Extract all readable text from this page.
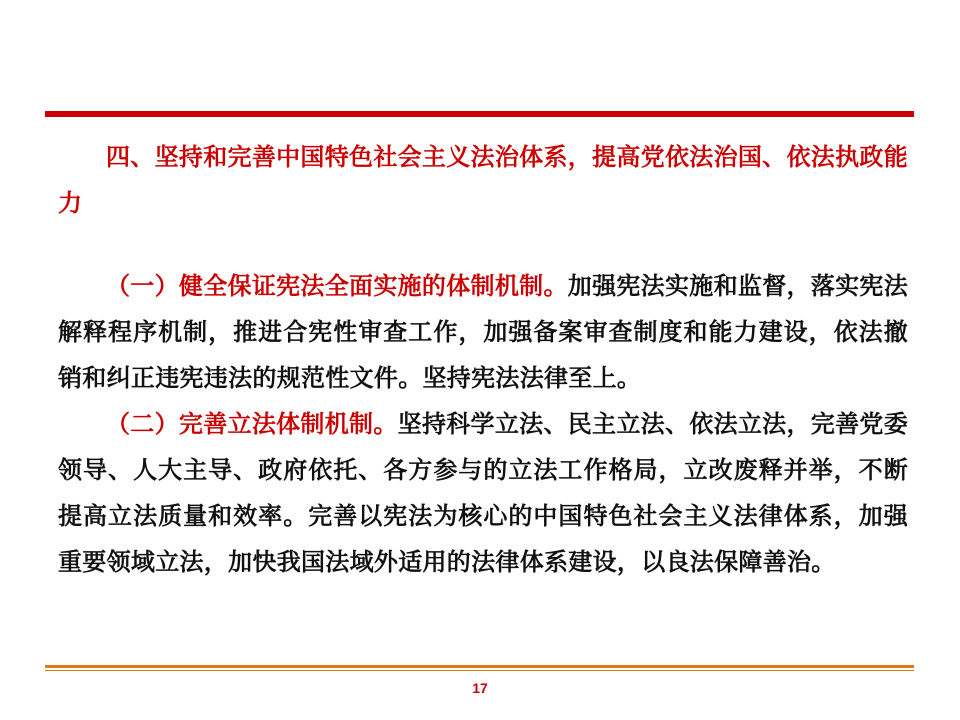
四、坚持和完善中国特色社会主义法治体系，提高党依法治国、依法执政能力

（一）健全保证宪法全面实施的体制机制。加强宪法实施和监督，落实宪法解释程序机制，推进合宪性审查工作，加强备案审查制度和能力建设，依法撤销和纠正违宪违法的规范性文件。坚持宪法法律至上。

（二）完善立法体制机制。坚持科学立法、民主立法、依法立法，完善党委领导、人大主导、政府依托、各方参与的立法工作格局，立改废释并举，不断提高立法质量和效率。完善以宪法为核心的中国特色社会主义法律体系，加强重要领域立法，加快我国法域外适用的法律体系建设，以良法保障善治。

17
